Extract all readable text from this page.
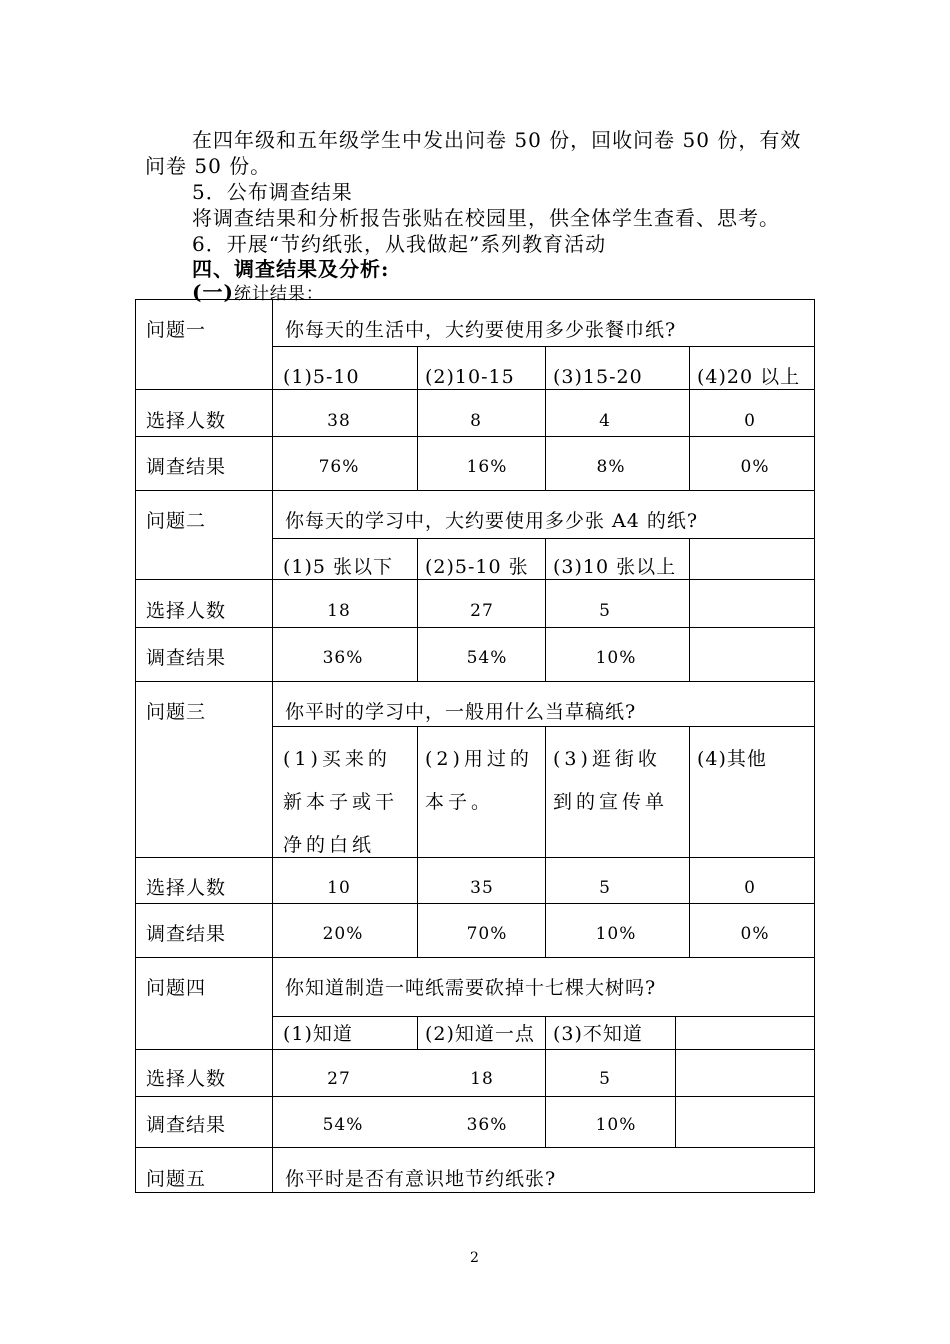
在四年级和五年级学生中发出问卷 50 份，回收问卷 50 份，有效
问卷 50 份。
5．公布调查结果
将调查结果和分析报告张贴在校园里，供全体学生查看、思考。
6．开展“节约纸张，从我做起”系列教育活动
四、调查结果及分析:
(一)统计结果：
问题一	你每天的生活中，大约要使用多少张餐巾纸?
(1)5-10	(2)10-15 (3)15-20	(4)20 以上
选择人数	38	8	4	0
调查结果	76%	16%	8%	0%
问题二	你每天的学习中，大约要使用多少张 A4 的纸?
(1)5 张以下 (2)5-10 张 (3)10 张以上
选择人数	18	27	5
调查结果	36%	54%	10%
问题三	你平时的学习中，一般用什么当草稿纸?
(1)买来的新本子或干净的白纸
(2)用过的本子。
(3)逛街收到的宣传单
(4)其他
选择人数	10	35	5	0
调查结果	20%	70%	10%	0%
问题四	你知道制造一吨纸需要砍掉十七棵大树吗?
(1)知道	(2)知道一点 (3)不知道
选择人数	27	18	5
调查结果	54%	36%	10%
问题五	你平时是否有意识地节约纸张?
2
